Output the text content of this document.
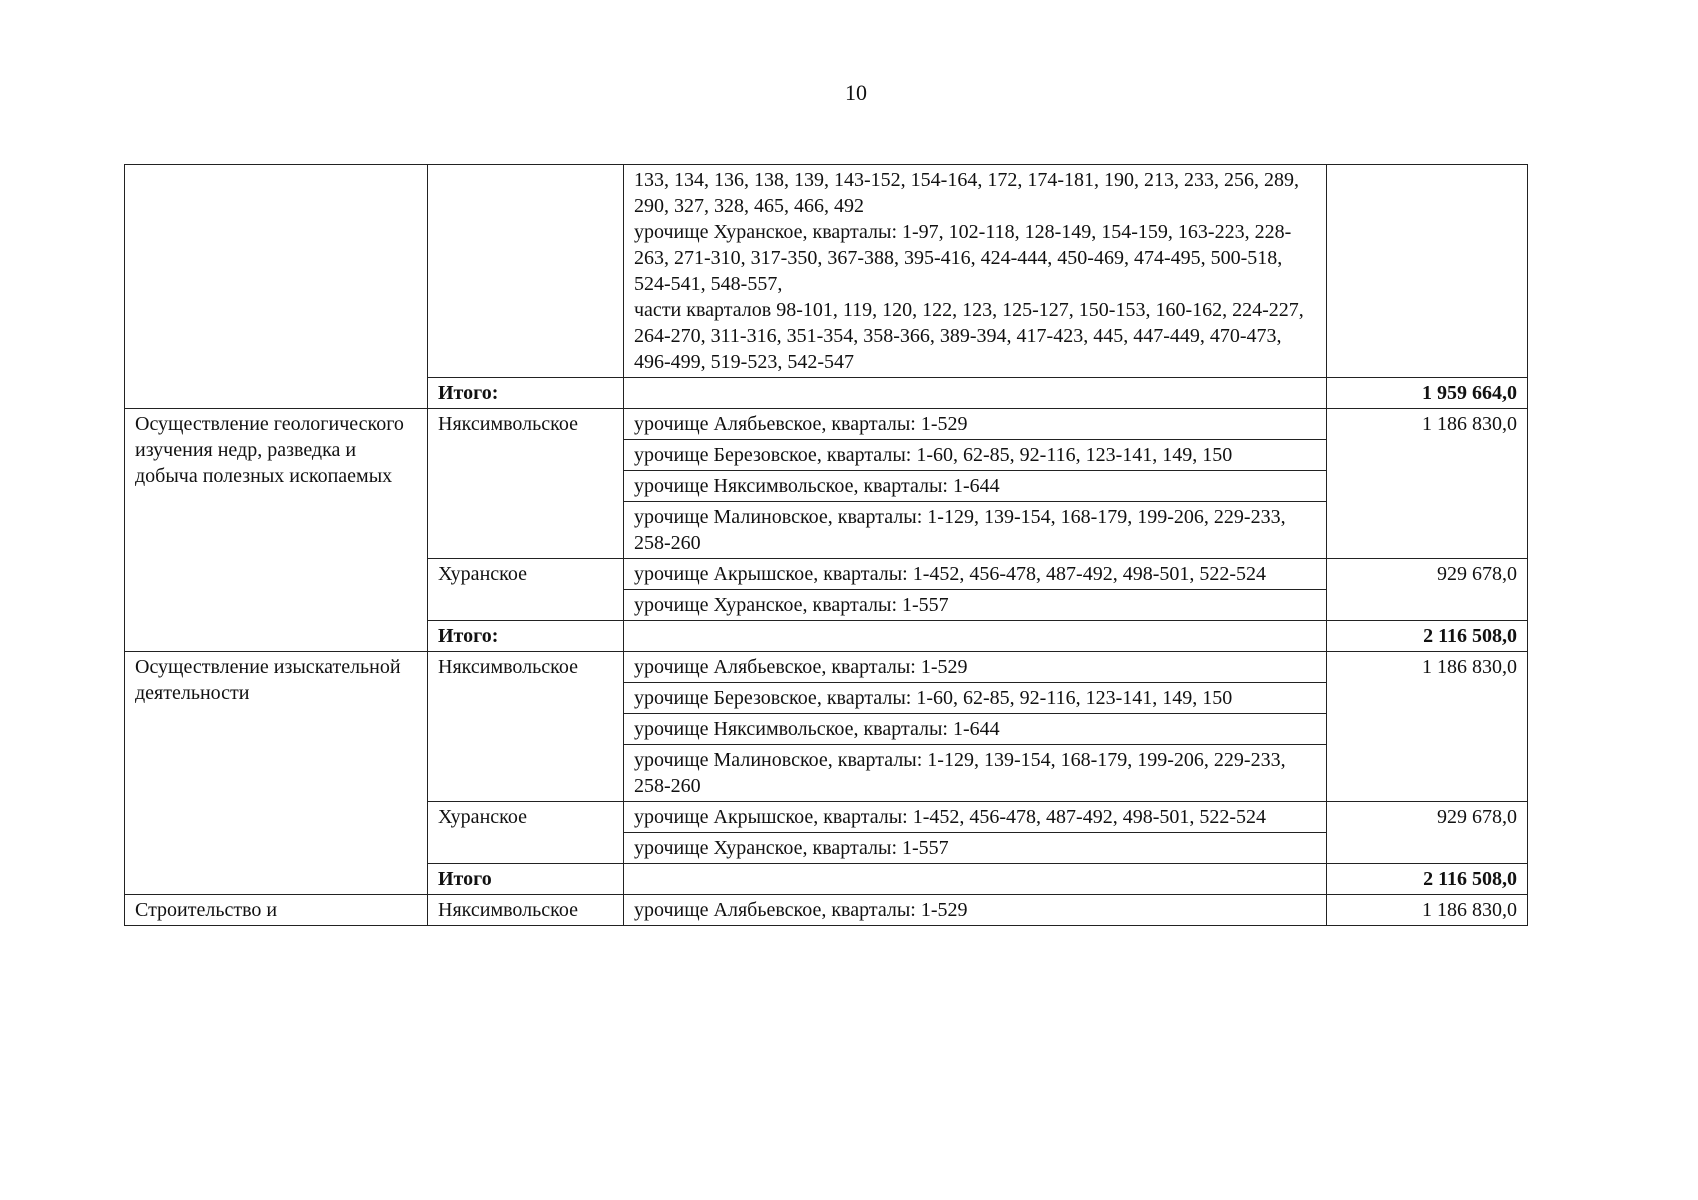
10

		133, 134, 136, 138, 139, 143-152, 154-164, 172, 174-181, 190, 213, 233, 256, 289, 290, 327, 328, 465, 466, 492
урочище Хуранское, кварталы: 1-97, 102-118, 128-149, 154-159, 163-223, 228-263, 271-310, 317-350, 367-388, 395-416, 424-444, 450-469, 474-495, 500-518, 524-541, 548-557,
части кварталов 98-101, 119, 120, 122, 123, 125-127, 150-153, 160-162, 224-227, 264-270, 311-316, 351-354, 358-366, 389-394, 417-423, 445, 447-449, 470-473, 496-499, 519-523, 542-547	

	Итого:		1 959 664,0
Осуществление геологического изучения недр, разведка и добыча полезных ископаемых	Няксимвольское	урочище Алябьевское, кварталы: 1-529	1 186 830,0
		урочище Березовское, кварталы: 1-60, 62-85, 92-116, 123-141, 149, 150	
		урочище Няксимвольское, кварталы: 1-644	
		урочище Малиновское, кварталы: 1-129, 139-154, 168-179, 199-206, 229-233, 258-260	
	Хуранское	урочище Акрышское, кварталы: 1-452, 456-478, 487-492, 498-501, 522-524	929 678,0
		урочище Хуранское, кварталы: 1-557	
	Итого:		2 116 508,0
Осуществление изыскательной деятельности	Няксимвольское	урочище Алябьевское, кварталы: 1-529	1 186 830,0
		урочище Березовское, кварталы: 1-60, 62-85, 92-116, 123-141, 149, 150	
		урочище Няксимвольское, кварталы: 1-644	
		урочище Малиновское, кварталы: 1-129, 139-154, 168-179, 199-206, 229-233, 258-260	
	Хуранское	урочище Акрышское, кварталы: 1-452, 456-478, 487-492, 498-501, 522-524	929 678,0
		урочище Хуранское, кварталы: 1-557	
	Итого		2 116 508,0
Строительство и	Няксимвольское	урочище Алябьевское, кварталы: 1-529	1 186 830,0
